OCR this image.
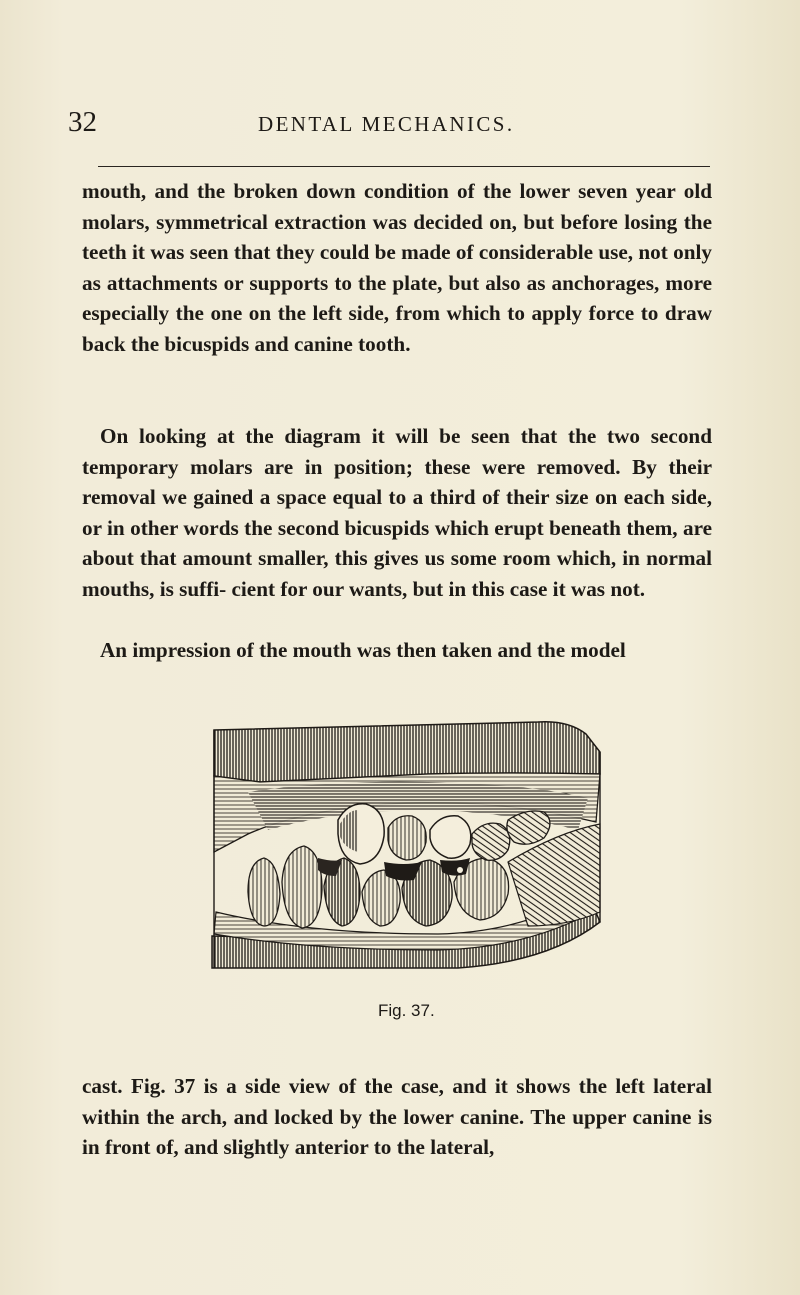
32	DENTAL MECHANICS.

mouth, and the broken down condition of the lower seven year old molars, symmetrical extraction was decided on, but before losing the teeth it was seen that they could be made of considerable use, not only as attachments or supports to the plate, but also as anchorages, more especially the one on the left side, from which to apply force to draw back the bicuspids and canine tooth.

On looking at the diagram it will be seen that the two second temporary molars are in position; these were removed. By their removal we gained a space equal to a third of their size on each side, or in other words the second bicuspids which erupt beneath them, are about that amount smaller, this gives us some room which, in normal mouths, is suffi- cient for our wants, but in this case it was not.

An impression of the mouth was then taken and the model

Fig. 37.

cast. Fig. 37 is a side view of the case, and it shows the left lateral within the arch, and locked by the lower canine. The upper canine is in front of, and slightly anterior to the lateral,
